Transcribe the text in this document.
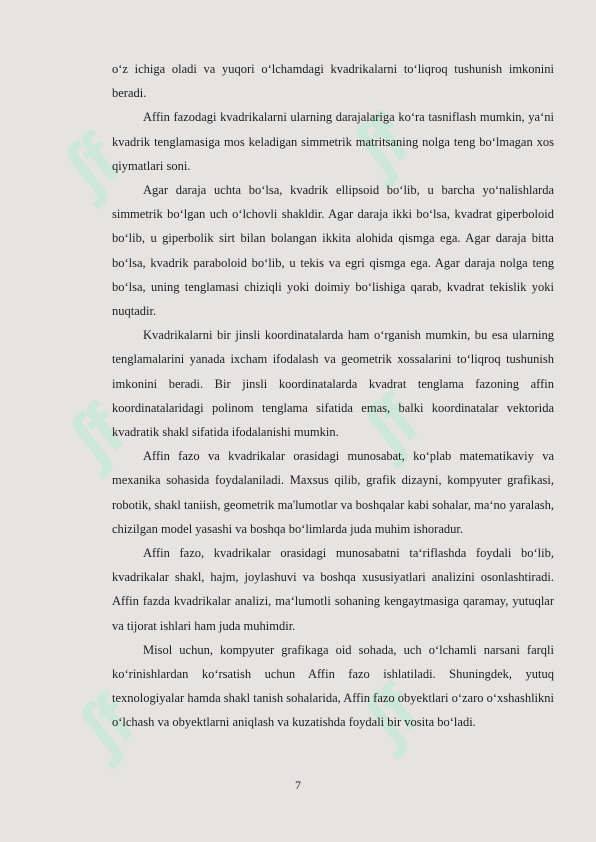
ʃf	ʃf
ʃf	ʃf
ʃf	ʃf

o‘z ichiga oladi va yuqori o‘lchamdagi kvadrikalarni to‘liqroq tushunish imkonini beradi.

Affin fazodagi kvadrikalarni ularning darajalariga ko‘ra tasniflash mumkin, ya‘ni kvadrik tenglamasiga mos keladigan simmetrik matritsaning nolga teng bo‘lmagan xos qiymatlari soni.

Agar daraja uchta bo‘lsa, kvadrik ellipsoid bo‘lib, u barcha yo‘nalishlarda simmetrik bo‘lgan uch o‘lchovli shakldir. Agar daraja ikki bo‘lsa, kvadrat giperboloid bo‘lib, u giperbolik sirt bilan bolangan ikkita alohida qismga ega. Agar daraja bitta bo‘lsa, kvadrik paraboloid bo‘lib, u tekis va egri qismga ega. Agar daraja nolga teng bo‘lsa, uning tenglamasi chiziqli yoki doimiy bo‘lishiga qarab, kvadrat tekislik yoki nuqtadir.

Kvadrikalarni bir jinsli koordinatalarda ham o‘rganish mumkin, bu esa ularning tenglamalarini yanada ixcham ifodalash va geometrik xossalarini to‘liqroq tushunish imkonini beradi. Bir jinsli koordinatalarda kvadrat tenglama fazoning affin koordinatalaridagi polinom tenglama sifatida emas, balki koordinatalar vektorida kvadratik shakl sifatida ifodalanishi mumkin.

Affin fazo va kvadrikalar orasidagi munosabat, ko‘plab matematikaviy va mexanika sohasida foydalaniladi. Maxsus qilib, grafik dizayni, kompyuter grafikasi, robotik, shakl taniish, geometrik ma'lumotlar va boshqalar kabi sohalar, ma‘no yaralash, chizilgan model yasashi va boshqa bo‘limlarda juda muhim ishoradur.

Affin fazo, kvadrikalar orasidagi munosabatni ta‘riflashda foydali bo‘lib, kvadrikalar shakl, hajm, joylashuvi va boshqa xususiyatlari analizini osonlashtiradi. Affin fazda kvadrikalar analizi, ma‘lumotli sohaning kengaytmasiga qaramay, yutuqlar va tijorat ishlari ham juda muhimdir.

Misol uchun, kompyuter grafikaga oid sohada, uch o‘lchamli narsani farqli ko‘rinishlardan ko‘rsatish uchun Affin fazo ishlatiladi. Shuningdek, yutuq texnologiyalar hamda shakl tanish sohalarida, Affin fazo obyektlari o‘zaro o‘xshashlikni o‘lchash va obyektlarni aniqlash va kuzatishda foydali bir vosita bo‘ladi.

7
